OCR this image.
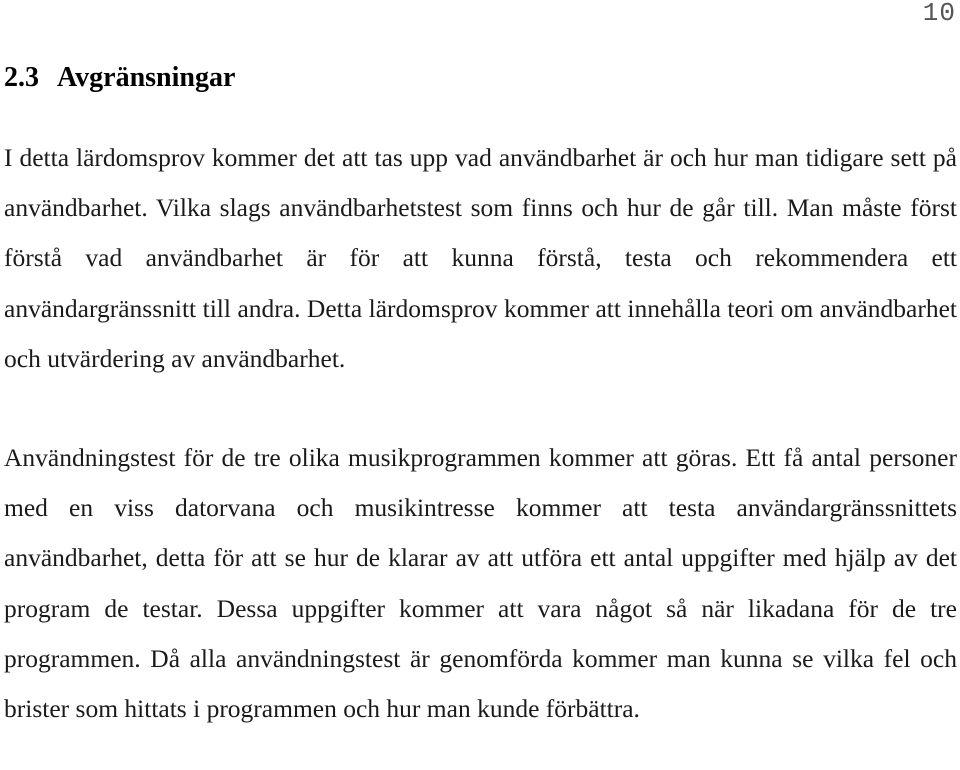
10
2.3 Avgränsningar

I detta lärdomsprov kommer det att tas upp vad användbarhet är och hur man tidigare sett på användbarhet. Vilka slags användbarhetstest som finns och hur de går till. Man måste först förstå vad användbarhet är för att kunna förstå, testa och rekommendera ett användargränssnitt till andra. Detta lärdomsprov kommer att innehålla teori om användbarhet och utvärdering av användbarhet.

Användningstest för de tre olika musikprogrammen kommer att göras. Ett få antal personer med en viss datorvana och musikintresse kommer att testa användargränssnittets användbarhet, detta för att se hur de klarar av att utföra ett antal uppgifter med hjälp av det program de testar. Dessa uppgifter kommer att vara något så när likadana för de tre programmen. Då alla användningstest är genomförda kommer man kunna se vilka fel och brister som hittats i programmen och hur man kunde förbättra.
